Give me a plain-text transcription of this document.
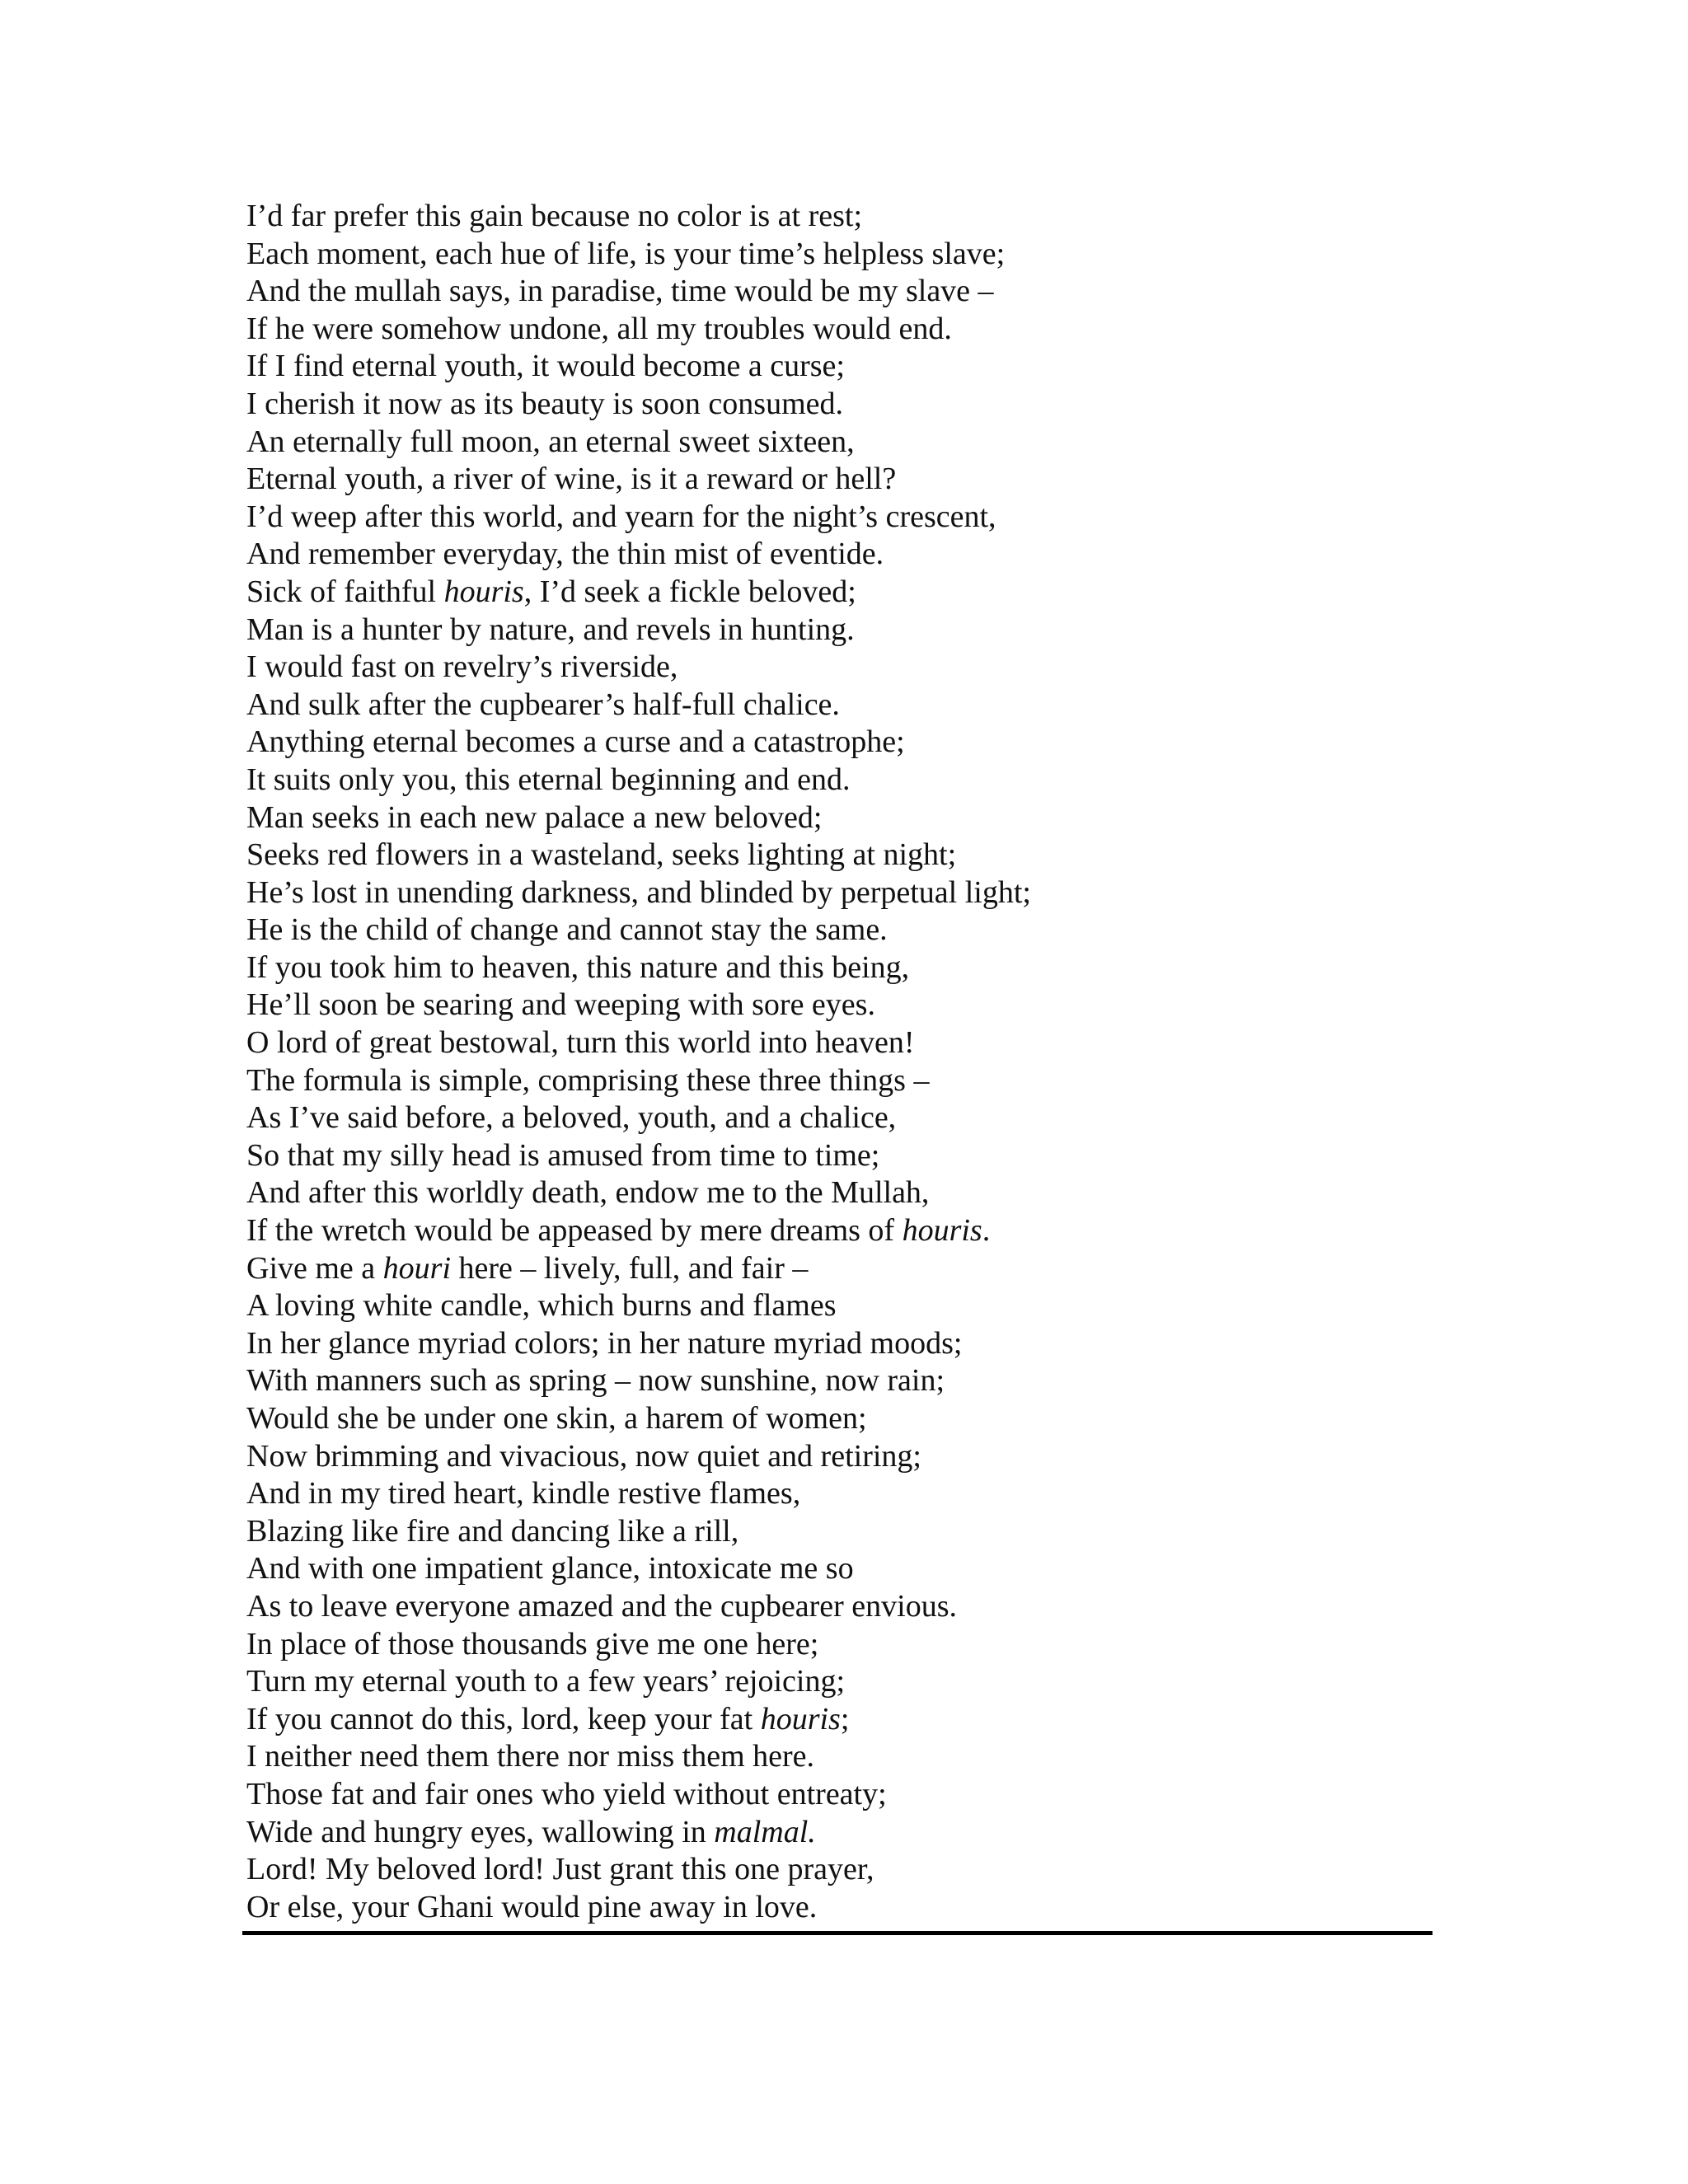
I’d far prefer this gain because no color is at rest;
Each moment, each hue of life, is your time’s helpless slave;
And the mullah says, in paradise, time would be my slave –
If he were somehow undone, all my troubles would end.
If I find eternal youth, it would become a curse;
I cherish it now as its beauty is soon consumed.
An eternally full moon, an eternal sweet sixteen,
Eternal youth, a river of wine, is it a reward or hell?
I’d weep after this world, and yearn for the night’s crescent,
And remember everyday, the thin mist of eventide.
Sick of faithful houris, I’d seek a fickle beloved;
Man is a hunter by nature, and revels in hunting.
I would fast on revelry’s riverside,
And sulk after the cupbearer’s half-full chalice.
Anything eternal becomes a curse and a catastrophe;
It suits only you, this eternal beginning and end.
Man seeks in each new palace a new beloved;
Seeks red flowers in a wasteland, seeks lighting at night;
He’s lost in unending darkness, and blinded by perpetual light;
He is the child of change and cannot stay the same.
If you took him to heaven, this nature and this being,
He’ll soon be searing and weeping with sore eyes.
O lord of great bestowal, turn this world into heaven!
The formula is simple, comprising these three things –
As I’ve said before, a beloved, youth, and a chalice,
So that my silly head is amused from time to time;
And after this worldly death, endow me to the Mullah,
If the wretch would be appeased by mere dreams of houris.
Give me a houri here – lively, full, and fair –
A loving white candle, which burns and flames
In her glance myriad colors; in her nature myriad moods;
With manners such as spring – now sunshine, now rain;
Would she be under one skin, a harem of women;
Now brimming and vivacious, now quiet and retiring;
And in my tired heart, kindle restive flames,
Blazing like fire and dancing like a rill,
And with one impatient glance, intoxicate me so
As to leave everyone amazed and the cupbearer envious.
In place of those thousands give me one here;
Turn my eternal youth to a few years’ rejoicing;
If you cannot do this, lord, keep your fat houris;
I neither need them there nor miss them here.
Those fat and fair ones who yield without entreaty;
Wide and hungry eyes, wallowing in malmal.
Lord! My beloved lord! Just grant this one prayer,
Or else, your Ghani would pine away in love.
